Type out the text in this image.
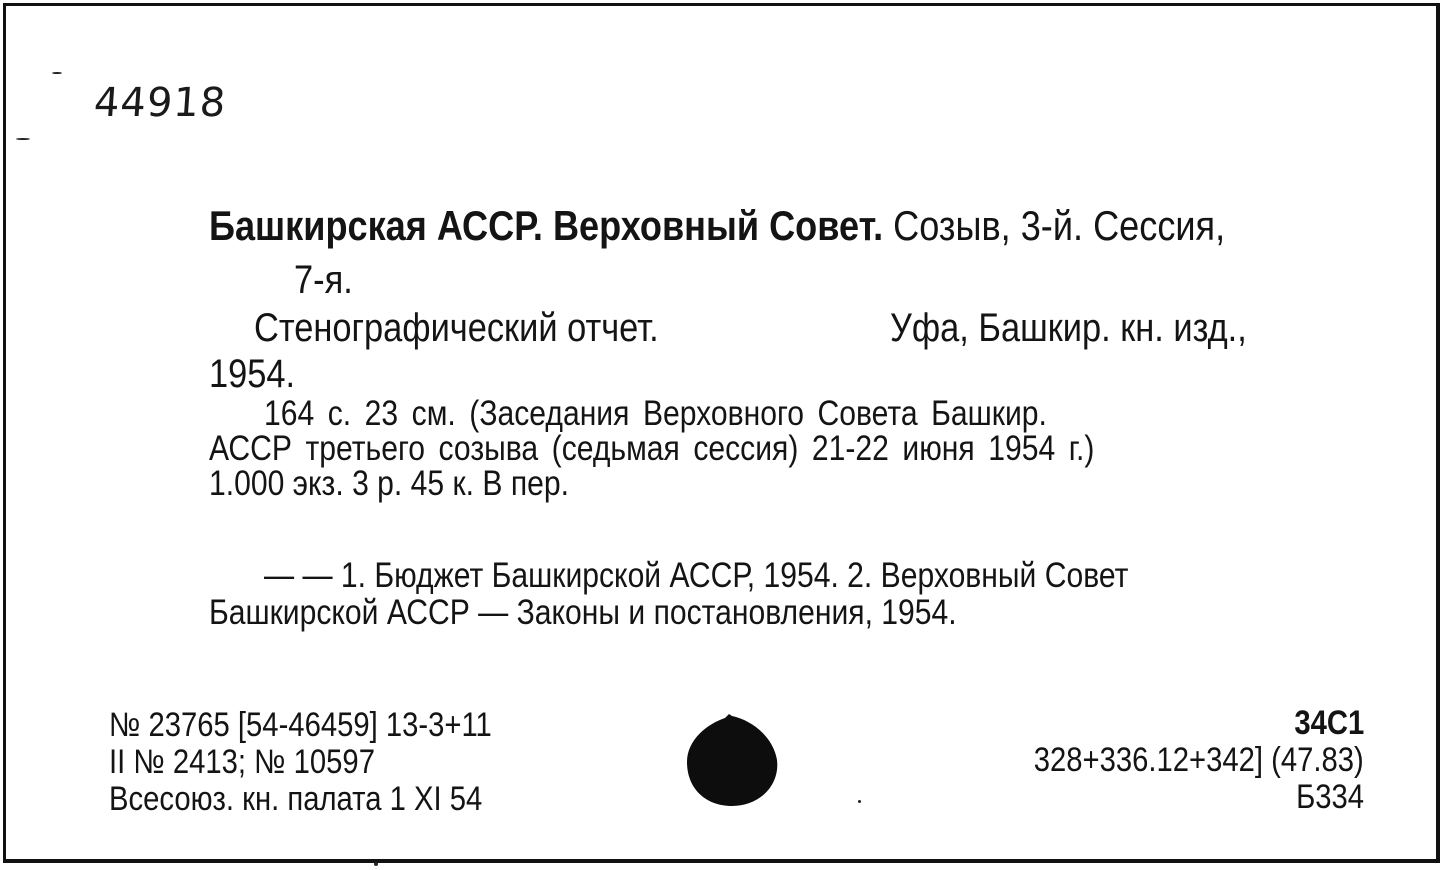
44918
Башкирская АССР. Верховный Совет. Созыв, 3-й. Сессия,
7-я.
Стенографический отчет.	Уфа, Башкир. кн. изд.,
1954.
164 с. 23 см. (Заседания Верховного Совета Башкир.
АССР третьего созыва (седьмая сессия) 21-22 июня 1954 г.)
1.000 экз. 3 р. 45 к. В пер.
— — 1. Бюджет Башкирской АССР, 1954. 2. Верховный Совет
Башкирской АССР — Законы и постановления, 1954.
№ 23765 [54-46459] 13-3+11
II № 2413; № 10597
Всесоюз. кн. палата 1 XI 54
34С1
328+336.12+342] (47.83)
Б334
